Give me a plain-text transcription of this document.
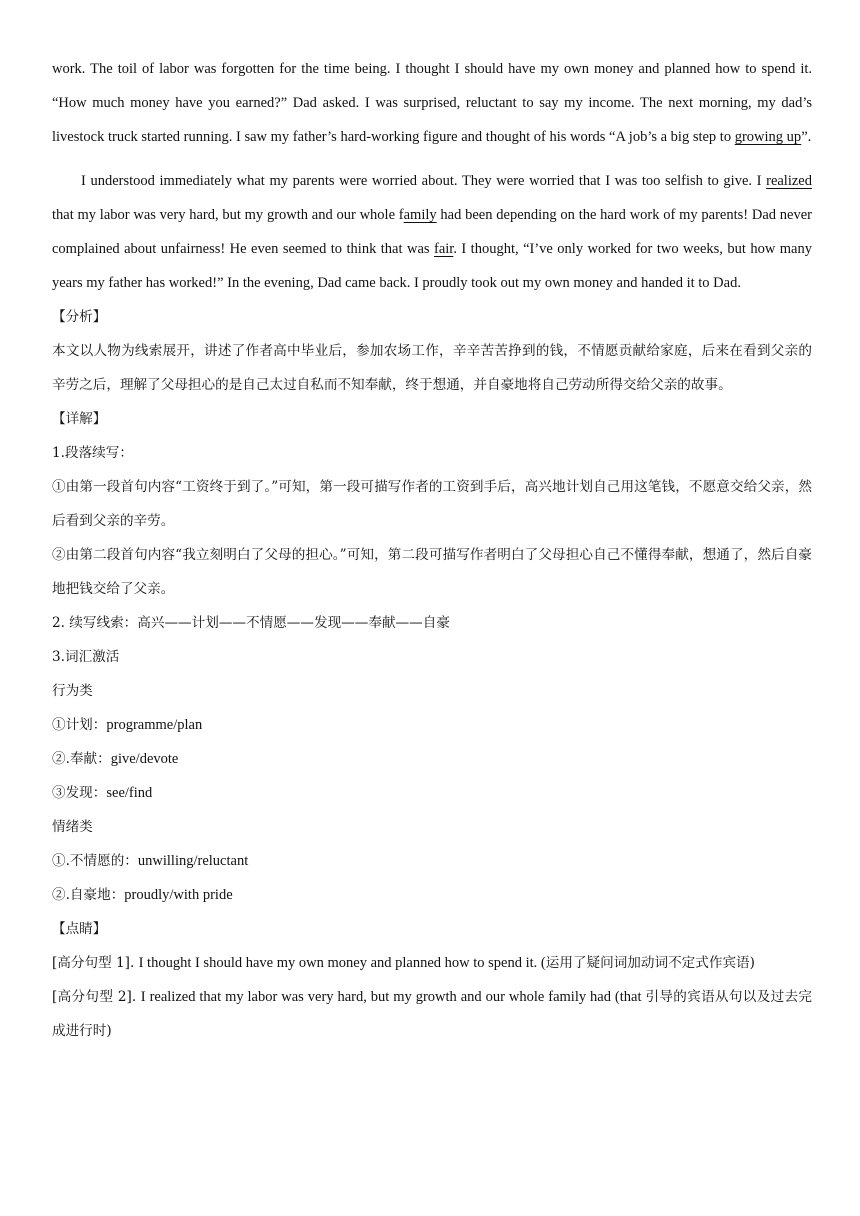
work. The toil of labor was forgotten for the time being. I thought I should have my own money and planned how to spend it. “How much money have you earned?” Dad asked. I was surprised, reluctant to say my income. The next morning, my dad’s livestock truck started running. I saw my father’s hard-working figure and thought of his words “A job’s a big step to growing up”.

I understood immediately what my parents were worried about. They were worried that I was too selfish to give. I realized that my labor was very hard, but my growth and our whole family had been depending on the hard work of my parents! Dad never complained about unfairness! He even seemed to think that was fair. I thought, “I’ve only worked for two weeks, but how many years my father has worked!” In the evening, Dad came back. I proudly took out my own money and handed it to Dad.

【分析】

本文以人物为线索展开，讲述了作者高中毕业后，参加农场工作，辛辛苦苦挣到的钱，不情愿贡献给家庭，后来在看到父亲的辛劳之后，理解了父母担心的是自己太过自私而不知奉献，终于想通，并自豪地将自己劳动所得交给父亲的故事。

【详解】

1.段落续写：

①由第一段首句内容“工资终于到了。”可知，第一段可描写作者的工资到手后，高兴地计划自己用这笔钱，不愿意交给父亲，然后看到父亲的辛劳。

②由第二段首句内容“我立刻明白了父母的担心。”可知，第二段可描写作者明白了父母担心自己不懂得奉献，想通了，然后自豪地把钱交给了父亲。

2. 续写线索：高兴——计划——不情愿——发现——奉献——自豪

3.词汇激活

行为类

①计划：programme/plan

②.奉献：give/devote

③发现：see/find

情绪类

①.不情愿的：unwilling/reluctant

②.自豪地：proudly/with pride

【点睛】

[高分句型 1]. I thought I should have my own money and planned how to spend it. (运用了疑问词加动词不定式作宾语)

[高分句型 2]. I realized that my labor was very hard, but my growth and our whole family had (that 引导的宾语从句以及过去完成进行时)
